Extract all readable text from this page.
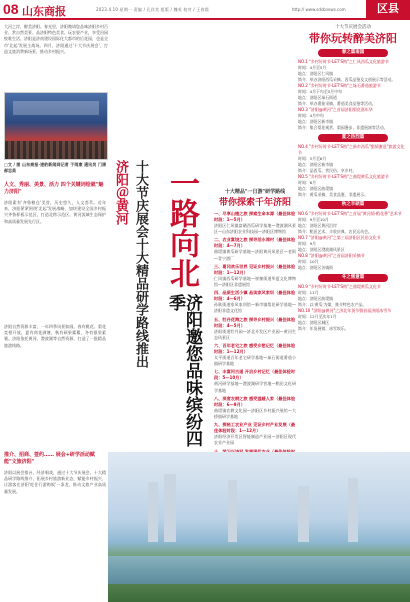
08 山东商报	2023.4.10 星期一 责编 / 孔祥宾 组版 / 魏英 校对 / 王春霞	http:// www.sdsbnews.com	区县
大河之岸，醉美济阳。春光里，济阳邀请您品味济阳乡村百业、赏自然美景、品济阳特色美食、玩农耍产业，享受田园牧歌生活。济阳是济南建设国际化大都市的后花园，也是全市'北起'发展主战场。四月，济阳通过'十大节庆展会'，打造文旅消费新场景，推动乡村振兴。
□文 / 图 山东商报·速豹新闻网记者 于雨康 通讯员 门清 郝忠美
人文、秀丽、美景、活力 四个关键词绘就"魅力济阳"
济阳素有'齐鲁粮仓'美誉，历史悠久，人文荟萃。近年来，济阳紧紧围绕'北起'发展战略，加快建设全国乡村振兴齐鲁样板示范区，打造北跨示范区、黄河流域生态保护和高质量发展先行区。
济阳自然资源丰富，一年四季风景如画。春有桃花、梨花竞相开放，夏有荷花满塘，秋有硕果累累，冬有银装素裹。济阳依托黄河、澄波湖等自然资源，打造了一批精品旅游线路。
推介、招商、签约…… 展会+研学活动赋能"文旅济阳"
济阳以展会搭台、经济唱戏，通过十大节庆展会、十大精品研学路线推介，拓展乡村旅游新业态，赋能乡村振兴，让游客在济阳'吃住行游购娱'一条龙，推动文旅产业高质量发展。
济阳＠黄河 十大节庆展会十大精品研学路线推出 一路向北
济阳邀您品味缤纷四季
十大精品"一日游"研学路线
带你探索千年济阳
一、尽享山楂之旅 探索生命本源（最佳体验时段：1—5月）
济阳区仁风镇富硒西瓜研学基地—澄波湖风景区—山东济阳农业科技园—济阳区博物馆
二、农业富饶之旅 探寻活水湾村（最佳体验时段：4—7月）
曲堤镇黄瓜研学基地—济阳黄河风景区—老街—青宁酒厂
三、葛冈欢乐世界 见证乡村振兴（最佳体验时段：1—12月）
仁风镇西瓜研学基地—崔寨街道华夏文化博物馆—济阳区非遗展馆
四、品质生活小镇 品读家风家训（最佳体验时段：4—6月）
孙耿街道家风家训馆—新市镇梨花研学基地—济阳非遗文化馆
五、牡丹花海之旅 探寻乡村振兴（最佳体验时段：4—5月）
济阳街道牡丹园—济北开发区产业园—黄河生态风景区
六、百年老宅之旅 感受乡愁记忆（最佳体验时段：1—12月）
太平街道百年老宅研学基地—垛石街道番茄小镇研学基地
七、丰富河古道 开启乡村记忆（最佳体验时段：5—10月）
黄河研学基地—澄波湖研学营地—稻田文化研学基地
八、深度农耕之旅 感受温暖人家（最佳体验时段：6—9月）
曲堤镇农耕文化园—济阳区乡村振兴展馆—大桥镇研学基地
九、探秘工农业产业 见证乡村产业发展（最佳体验时段：1—12月）
济阳经济开发区智能制造产业园—济阳区现代农业产业园
十大节庆展会活动
带你玩转醉美济阳
春之篇南国
NO.1 "乡村好时节·LET'S购"之仁风西瓜文化旅游节
时间：4月至5月
地点：济阳区仁风镇
简介：举办济阳西瓜采摘、西瓜品鉴及文创展示等活动。
NO.2 "乡村好时节·LET'S购"之垛石番茄旅游节
时间：4月下旬至5月中旬
地点：济阳区垛石街道
简介：举办番茄采摘、番茄美食品鉴等活动。
NO.3 "济阳@黄河"之首届济阳梨花嘉年华
时间：4月中旬
地点：济阳区新市镇
简介：集合梨花观赏、梨园漫步、非遗展演等活动。
夏之热烈篇
NO.4 "乡村好时节·LET'S购"之新市西瓜"甜情蜜意"旅游文化节
时间：5月至6月
地点：济阳区新市镇
简介：品西瓜、赏民俗、享乡村。
NO.5 "乡村好时节·LET'S购"之曲堤黄瓜文化旅游节
时间：6月
地点：济阳区曲堤镇
简介：黄瓜采摘、美食品鉴、非遗展示。
秋之丰硕篇
NO.6 "乡村好时节·LET'S购"之首届"黄河情·稻花香"艺术节
时间：9月至10月
地点：济阳区黄河沿岸
简介：稻田艺术、丰收庆典、农民运动会。
NO.7 "济阳@黄河"之第三届济阳区民俗文化节
时间：9月
地点：济阳区澄波湖风景区
NO.8 "济阳@黄河"之首届济阳采摘节
时间：10月
地点：济阳区各镇街
冬之惬意篇
NO.9 "乡村好时节·LET'S购"之曲堤黄瓜文化节
时间：11月
地点：济阳区曲堤镇
简介：以'黄瓜'为媒，推介特色农产品。
NO.10 "济阳@黄河"之济北年货节暨首届济阳冰雪节
时间：12月至次年1月
地点：济阳区城区
简介：年货展销、冰雪娱乐。
